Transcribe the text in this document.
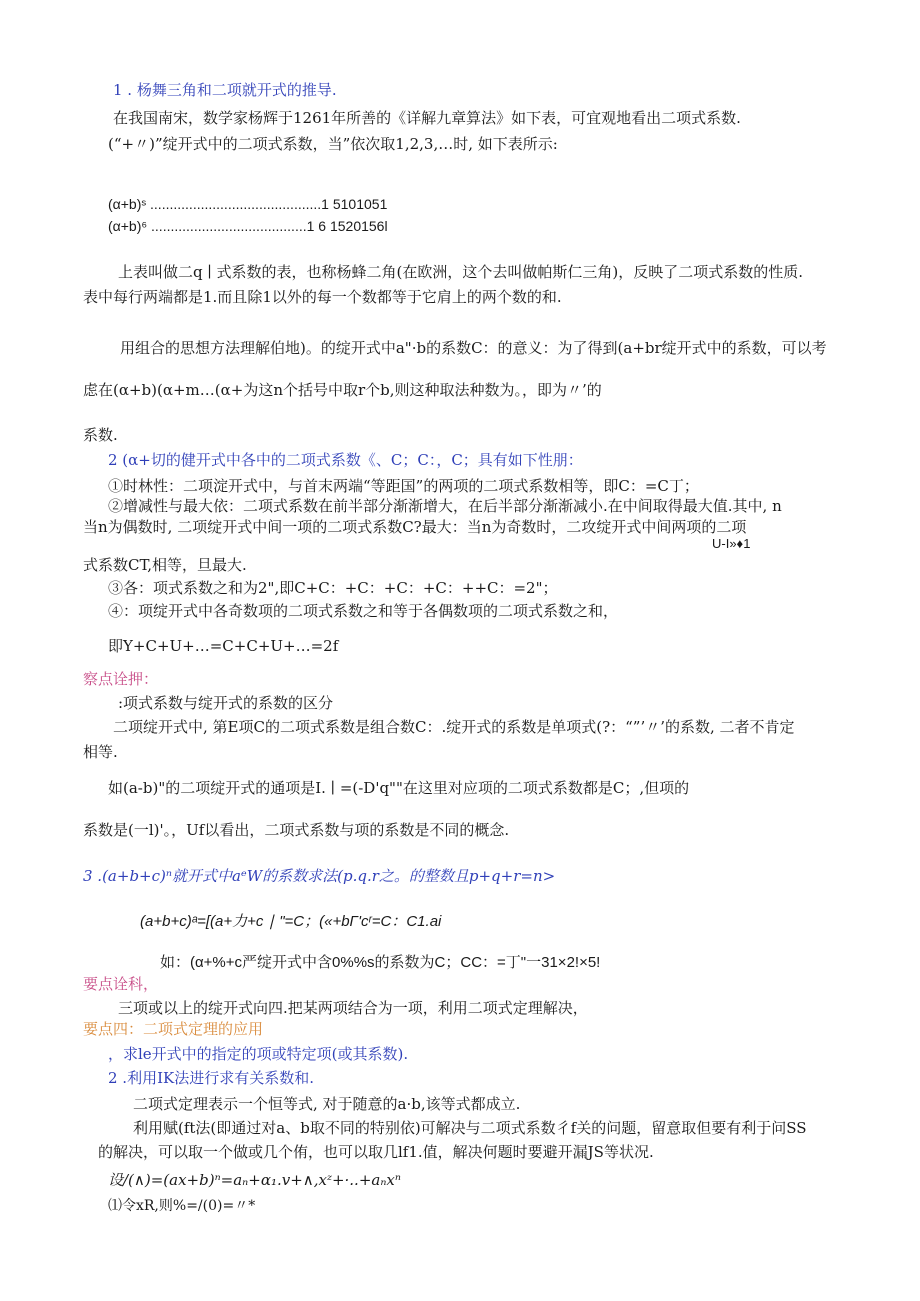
1 . 杨舞三角和二项就开式的推导.
在我国南宋，数学家杨辉于1261年所善的《详解九章算法》如下表，可宜观地看出二项式系数.
(“+〃)”绽开式中的二项式系数，当”依次取1,2,3,…时, 如下表所示:
(α+b)ˢ ............................................1 5101051
(α+b)⁶ ........................................1 6 1520156l
上表叫做二q ∣ 式系数的表，也称杨蜂二角(在欧洲，这个去叫做帕斯仁三角)，反映了二项式系数的性质.
表中每行两端都是1.而且除1以外的每一个数都等于它肩上的两个数的和.
用组合的思想方法理解伯地)。的绽开式中a"·b的系数C：的意义：为了得到(a+br绽开式中的系数，可以考
虑在(α+b)(α+m…(α+为这n个括号中取r个b,则这种取法种数为。，即为〃’的
系数.
2 (α+切的健开式中各中的二项式系数《、C；C：，C；具有如下性朋：
①时林性：二项淀开式中，与首末两端“等距国”的两项的二项式系数相等，即C：=C丁；
②增减性与最大依：二项式系数在前半部分渐渐增大，在后半部分渐渐减小.在中间取得最大值.其中, n
当n为偶数时, 二项绽开式中间一项的二项式系数C?最大：当n为奇数时，二攻绽开式中间两项的二项
U-I»♦1
式系数CT,相等，旦最大.
③各：项式系数之和为2",即C+C：+C：+C：+C：++C：=2"；
④：项绽开式中各奇数项的二项式系数之和等于各偶数项的二项式系数之和，
即Y+C+U+…=C+C+U+…=2f
察点诠押：
:项式系数与绽开式的系数的区分
二项绽开式中, 第E项C的二项式系数是组合数C：.绽开式的系数是单项式(?：“”’〃’的系数, 二者不肯定
相等.
如(a-b)"的二项绽开式的通项是I. ∣ =(-D'q""在这里对应项的二项式系数都是C；,但项的
系数是(一l)'。，Uf以看出，二项式系数与项的系数是不同的概念.
3 .(a+b+c)ⁿ就开式中aᵉW的系数求法(p.q.r之。的整数且p+q+r=n>
(a+b+c)ᵃ=[(a+力+c ∣ "=C；(«+bΓ'cʳ=C：C1.ai
如：(α+%+c严绽开式中含0%%s的系数为C；CC：=丁"一31×2!×5!
要点诠科，
三项或以上的绽开式向四.把某两项结合为一项，利用二项式定理解决，
要点四：二项式定理的应用
，求le开式中的指定的项或特定项(或其系数).
2 .利用IK法进行求有关系数和.
二项式定理表示一个恒等式, 对于随意的a·b,该等式都成立.
利用赋(ft法(即通过对a、b取不同的特别依)可解决与二项式系数彳f关的问题，留意取但要有利于问SS
的解决，可以取一个做或几个侑，也可以取几lf1.值，解决何题时要避开漏JS等状况.
设/(∧)=(ax+b)ⁿ=aₙ+α₁.v+∧,xᶻ+·..+aₙxⁿ
⑴令xR,则%=/(0)=〃*
